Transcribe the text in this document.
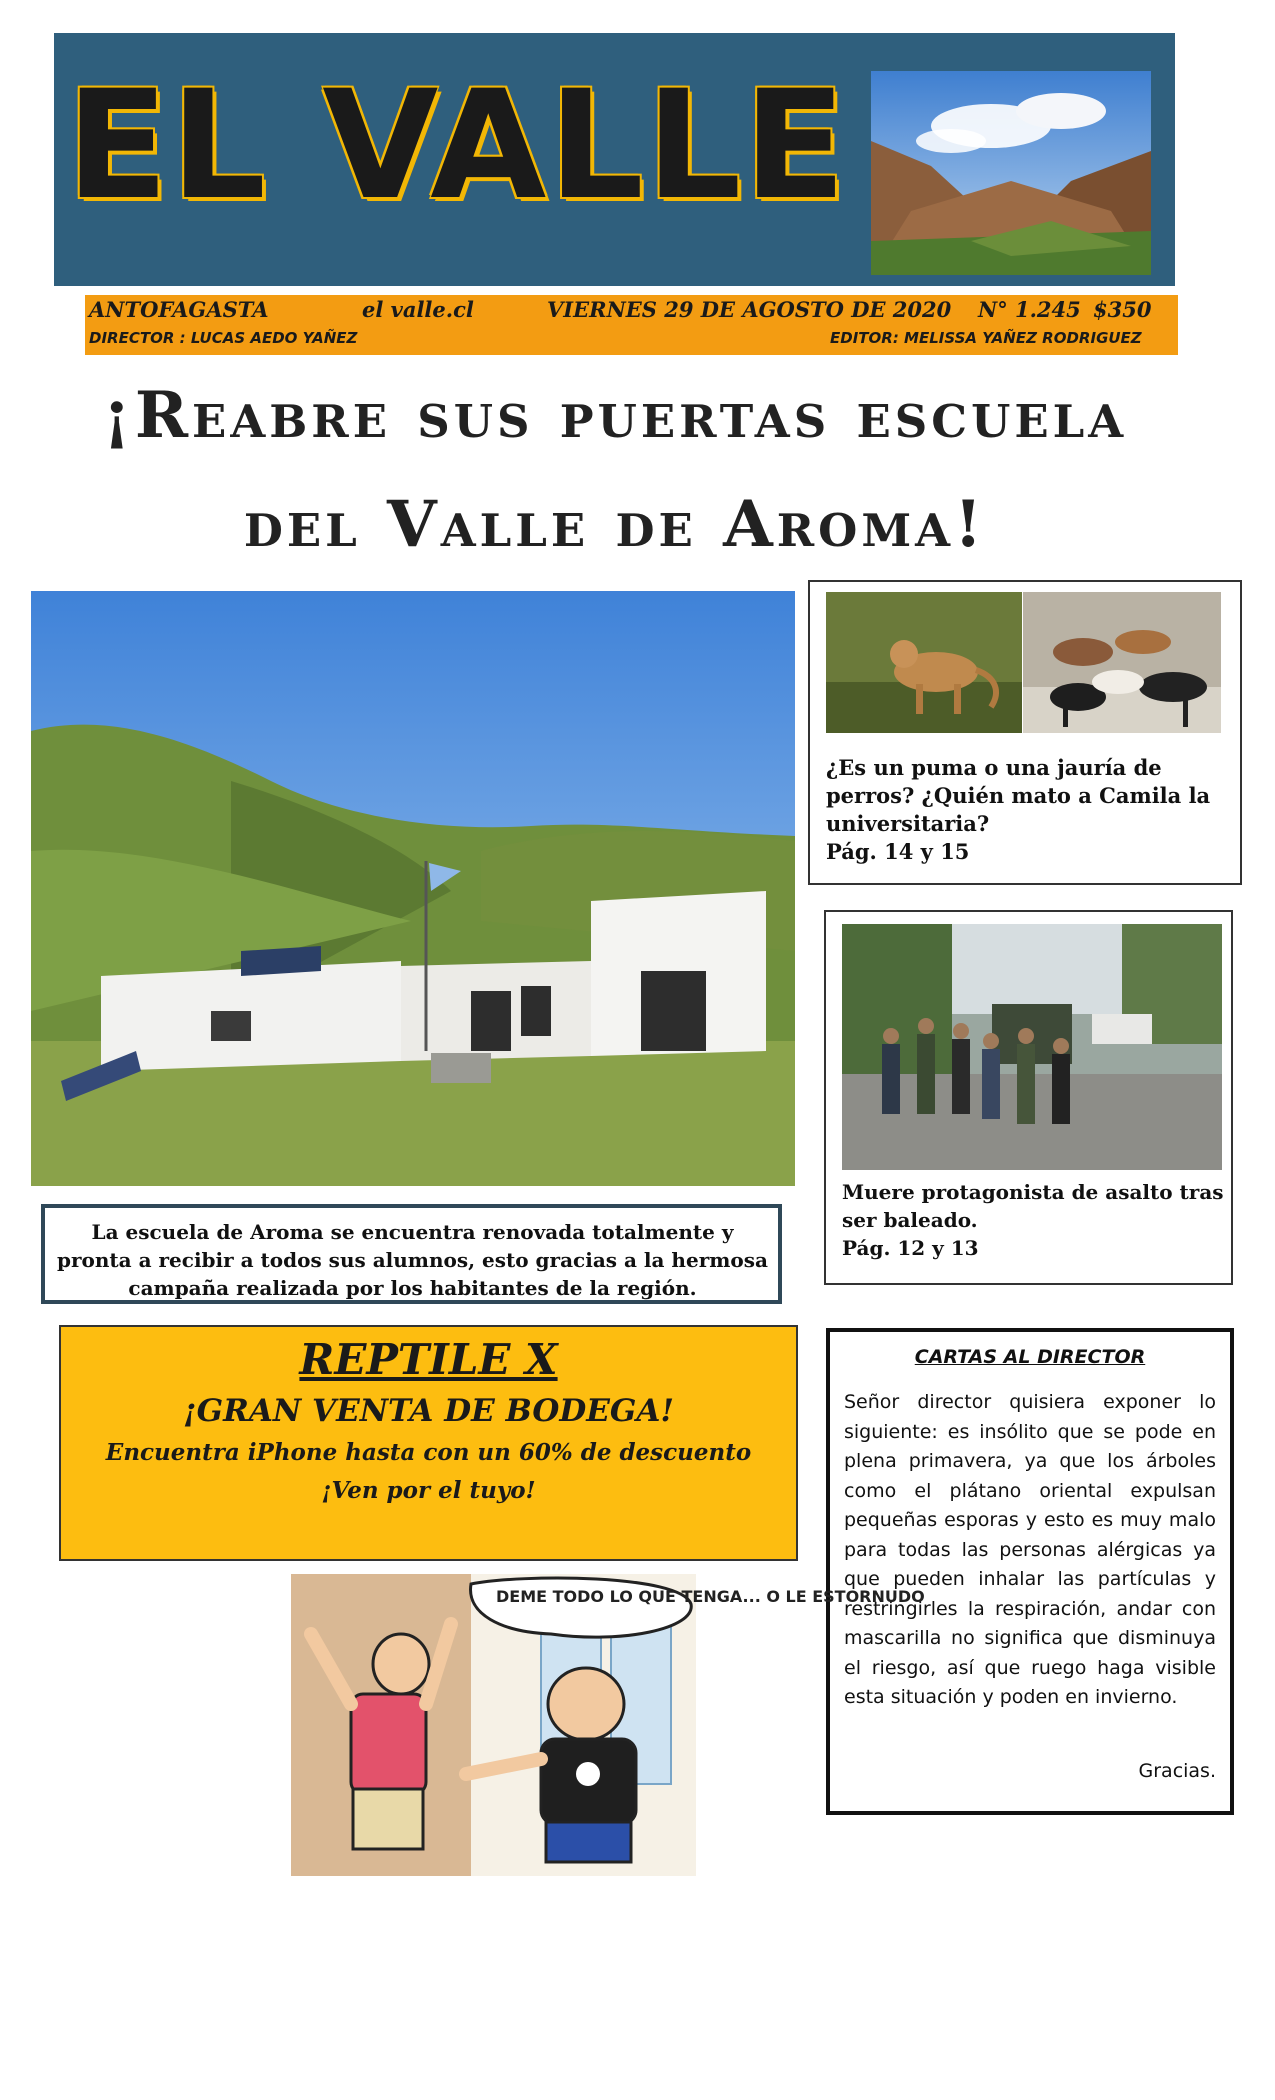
EL VALLE
ANTOFAGASTA	el valle.cl	VIERNES 29 DE AGOSTO DE 2020 N° 1.245 $350
DIRECTOR : LUCAS AEDO YAÑEZ	EDITOR: MELISSA YAÑEZ RODRIGUEZ
¡Reabre sus puertas escuela
del Valle de Aroma!
La escuela de Aroma se encuentra renovada totalmente y pronta a recibir a todos sus alumnos, esto gracias a la hermosa campaña realizada por los habitantes de la región.
¿Es un puma o una jauría de perros? ¿Quién mato a Camila la universitaria?
Pág. 14 y 15
Muere protagonista de asalto tras ser baleado.
Pág. 12 y 13
REPTILE X
¡GRAN VENTA DE BODEGA!
Encuentra iPhone hasta con un 60% de descuento
¡Ven por el tuyo!
CARTAS AL DIRECTOR
Señor director quisiera exponer lo siguiente: es insólito que se pode en plena primavera, ya que los árboles como el plátano oriental expulsan pequeñas esporas y esto es muy malo para todas las personas alérgicas ya que pueden inhalar las partículas y restringirles la respiración, andar con mascarilla no significa que disminuya el riesgo, así que ruego haga visible esta situación y poden en invierno.
Gracias.
DEME TODO LO QUE TENGA... O LE ESTORNUDO
